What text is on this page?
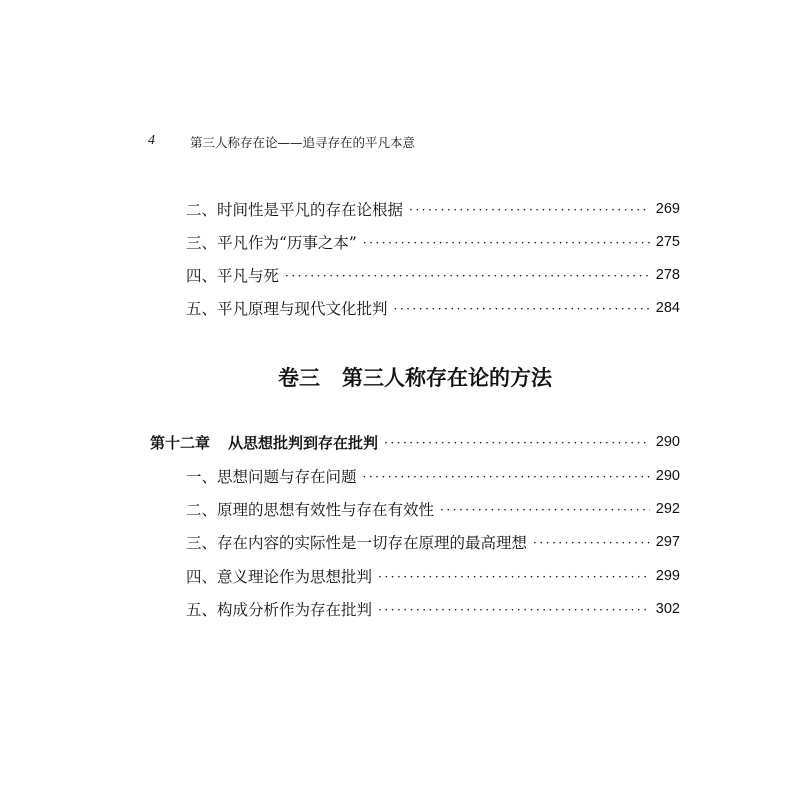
4	第三人称存在论——追寻存在的平凡本意
二、时间性是平凡的存在论根据 ·····	269
三、平凡作为“历事之本” ·····	275
四、平凡与死 ·····	278
五、平凡原理与现代文化批判 ·····	284
卷三 第三人称存在论的方法
第十二章 从思想批判到存在批判 ·····	290
一、思想问题与存在问题 ·····	290
二、原理的思想有效性与存在有效性 ·····	292
三、存在内容的实际性是一切存在原理的最高理想 ·····	297
四、意义理论作为思想批判 ·····	299
五、构成分析作为存在批判 ·····	302
